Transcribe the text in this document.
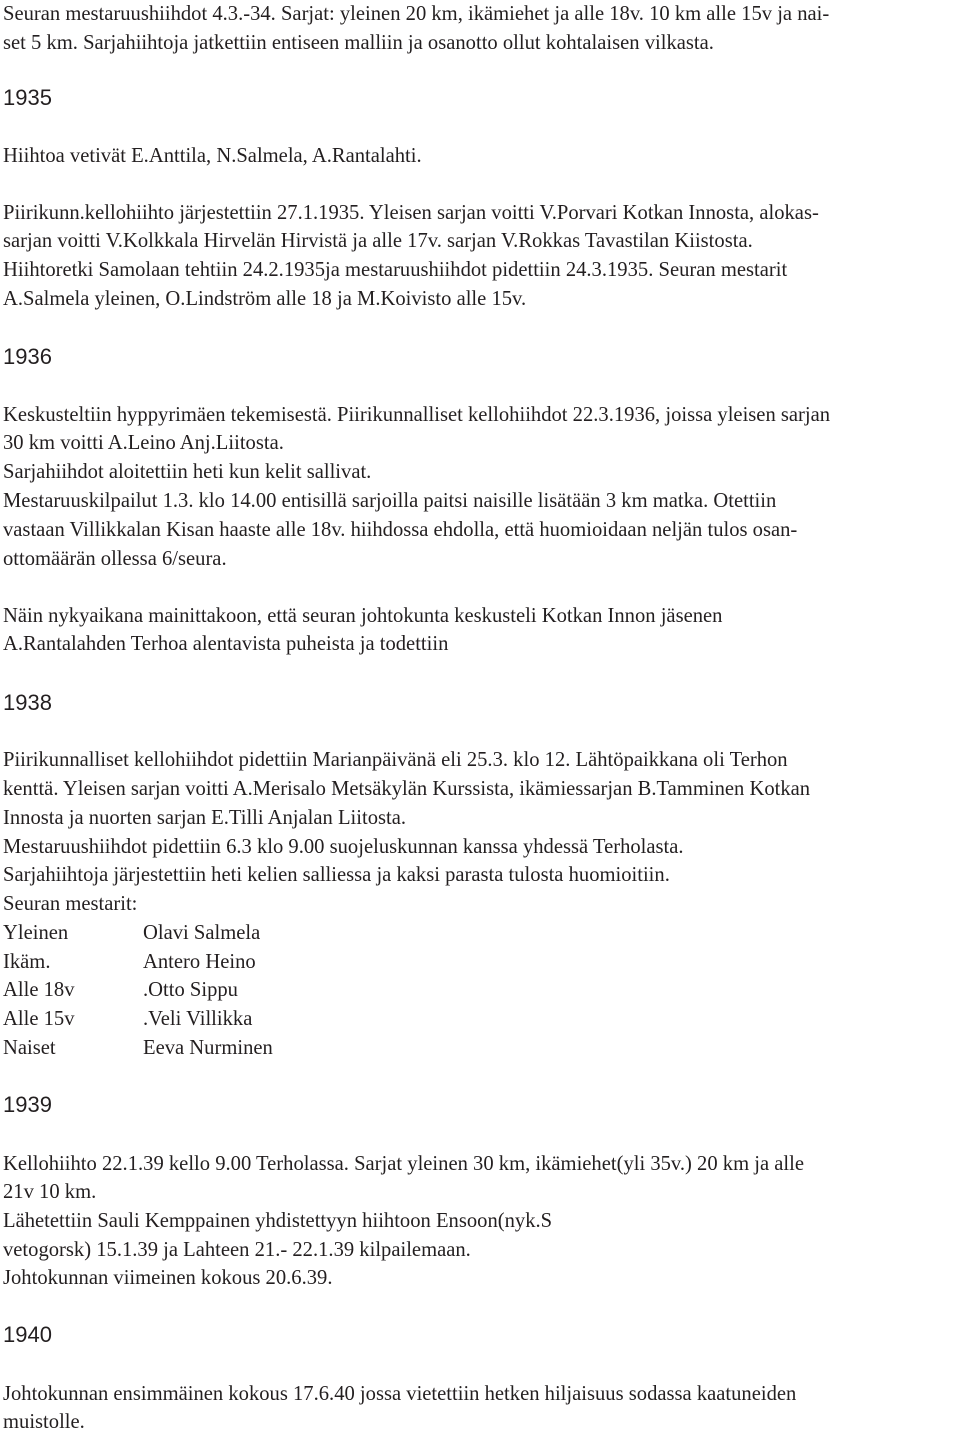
Seuran mestaruushiihdot 4.3.-34. Sarjat: yleinen 20 km, ikämiehet ja alle 18v. 10 km alle 15v ja nai-
set 5 km. Sarjahiihtoja jatkettiin entiseen malliin ja osanotto ollut kohtalaisen vilkasta.
1935
Hiihtoa vetivät E.Anttila, N.Salmela, A.Rantalahti.
Piirikunn.kellohiihto järjestettiin 27.1.1935. Yleisen sarjan voitti V.Porvari Kotkan Innosta, alokas-
sarjan voitti V.Kolkkala Hirvelän Hirvistä ja alle 17v. sarjan V.Rokkas Tavastilan Kiistosta.
Hiihtoretki Samolaan tehtiin 24.2.1935ja mestaruushiihdot pidettiin 24.3.1935. Seuran mestarit
A.Salmela yleinen, O.Lindström alle 18 ja M.Koivisto alle 15v.
1936
Keskusteltiin hyppyrimäen tekemisestä. Piirikunnalliset kellohiihdot 22.3.1936, joissa yleisen sarjan
30 km voitti A.Leino Anj.Liitosta.
Sarjahiihdot aloitettiin heti kun kelit sallivat.
Mestaruuskilpailut 1.3. klo 14.00 entisillä sarjoilla paitsi naisille lisätään 3 km matka. Otettiin
vastaan Villikkalan Kisan haaste alle 18v. hiihdossa ehdolla, että huomioidaan neljän tulos osan-
ottomäärän ollessa 6/seura.
Näin nykyaikana mainittakoon, että seuran johtokunta keskusteli Kotkan Innon jäsenen
A.Rantalahden Terhoa alentavista puheista ja todettiin
1938
Piirikunnalliset kellohiihdot pidettiin Marianpäivänä eli 25.3. klo 12. Lähtöpaikkana oli Terhon
kenttä. Yleisen sarjan voitti A.Merisalo Metsäkylän Kurssista, ikämiessarjan B.Tamminen Kotkan
Innosta ja nuorten sarjan E.Tilli Anjalan Liitosta.
Mestaruushiihdot pidettiin 6.3 klo 9.00 suojeluskunnan kanssa yhdessä Terholasta.
Sarjahiihtoja järjestettiin heti kelien salliessa ja kaksi parasta tulosta huomioitiin.
Seuran mestarit:
Yleinen	Olavi Salmela
Ikäm.	Antero Heino
Alle 18v	.Otto Sippu
Alle 15v	.Veli Villikka
Naiset	Eeva Nurminen
1939
Kellohiihto 22.1.39 kello 9.00 Terholassa. Sarjat yleinen 30 km, ikämiehet(yli 35v.) 20 km ja alle
21v 10 km.
Lähetettiin Sauli Kemppainen yhdistettyyn hiihtoon Ensoon(nyk.S
vetogorsk) 15.1.39 ja Lahteen 21.- 22.1.39 kilpailemaan.
Johtokunnan viimeinen kokous 20.6.39.
1940
Johtokunnan ensimmäinen kokous 17.6.40 jossa vietettiin hetken hiljaisuus sodassa kaatuneiden
muistolle.
